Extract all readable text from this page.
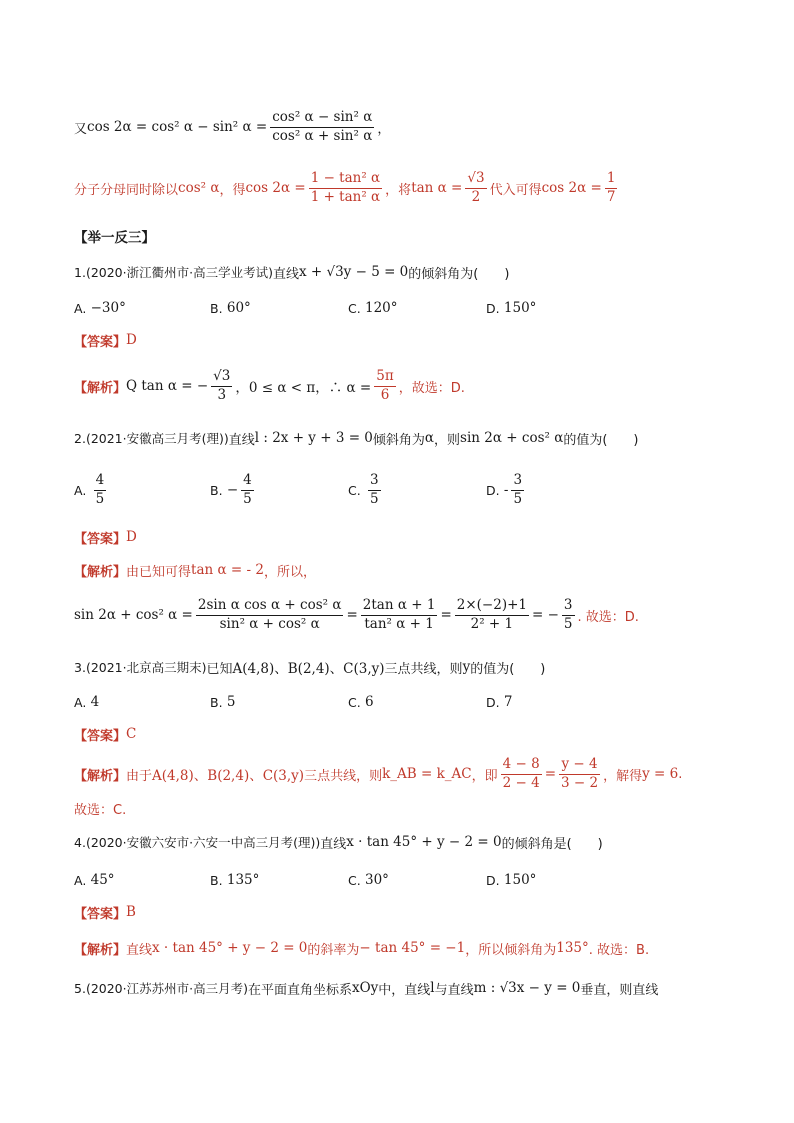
又 cos 2α = cos² α − sin² $\alpha = \frac{\text{cos² α − sin² α}}{\text{cos² α + sin² α}}$ ，
分子分母同时除以 cos² α ，得 $\cos 2\alpha = \frac{\text{1 − tan² α}}{\text{1 + tan² α}}$ ，将 $\tan \alpha = \frac{√3}{2}$ 代入可得 $\cos 2\alpha = \frac{1}{7}$
【举一反三】
1. (2020·浙江衢州市·高三学业考试) 直线 x + √3y − 5 = 0 的倾斜角为(　　)
A.
−30°	B.
60°	C.
120°	D.
150°
【答案】 D
【解析】 Q tan α = − $\frac{√3}{3}$ ，0 ≤ α < π，∴ $\alpha = \frac{5\pi}{6}$ ，故选：D.
2. (2021·安徽高三月考(理)) 直线 l : 2x + y + 3 = 0 倾斜角为 α ，则 sin 2α + cos² α 的值为(　　)
A.
$\frac{4}{5}$	B.
− $\frac{4}{5}$	C.
$\frac{3}{5}$	D.
- $\frac{3}{5}$
【答案】 D
【解析】 由已知可得 tan α = - 2 ，所以，
sin 2α + cos² $\alpha = \frac{\text{2sin α cos α + cos² α}}{\text{sin² α + cos² α}} = \frac{\text{2tan α + 1}}{\text{tan² α + 1}} = \frac{2\times(-2)+1}{\text{2² + 1}}$ = − $\frac{3}{5}$ . 故选：D.
3. (2021·北京高三期末) 已知 A(4,8)、B(2,4)、C(3,y) 三点共线，则 y 的值为(　　)
A.
4	B.
5	C.
6	D.
7
【答案】 C
【解析】 由于 A(4,8)、B(2,4)、C(3,y) 三点共线，则 k_AB = k_AC ，即 $\frac{4 - 8}{2 - 4} = \frac{y - 4}{3 - 2}$ ，解得 y = 6 .
故选：C.
4. (2020·安徽六安市·六安一中高三月考(理)) 直线 x · tan 45° + y − 2 = 0 的倾斜角是(　　)
A.
45°	B.
135°	C.
30°	D.
150°
【答案】 B
【解析】 直线 x · tan 45° + y − 2 = 0 的斜率为 − tan 45° = −1 ，所以倾斜角为 135° . 故选：B.
5. (2020·江苏苏州市·高三月考) 在平面直角坐标系 xOy 中，直线 l 与直线 m : √3x − y = 0 垂直，则直线
